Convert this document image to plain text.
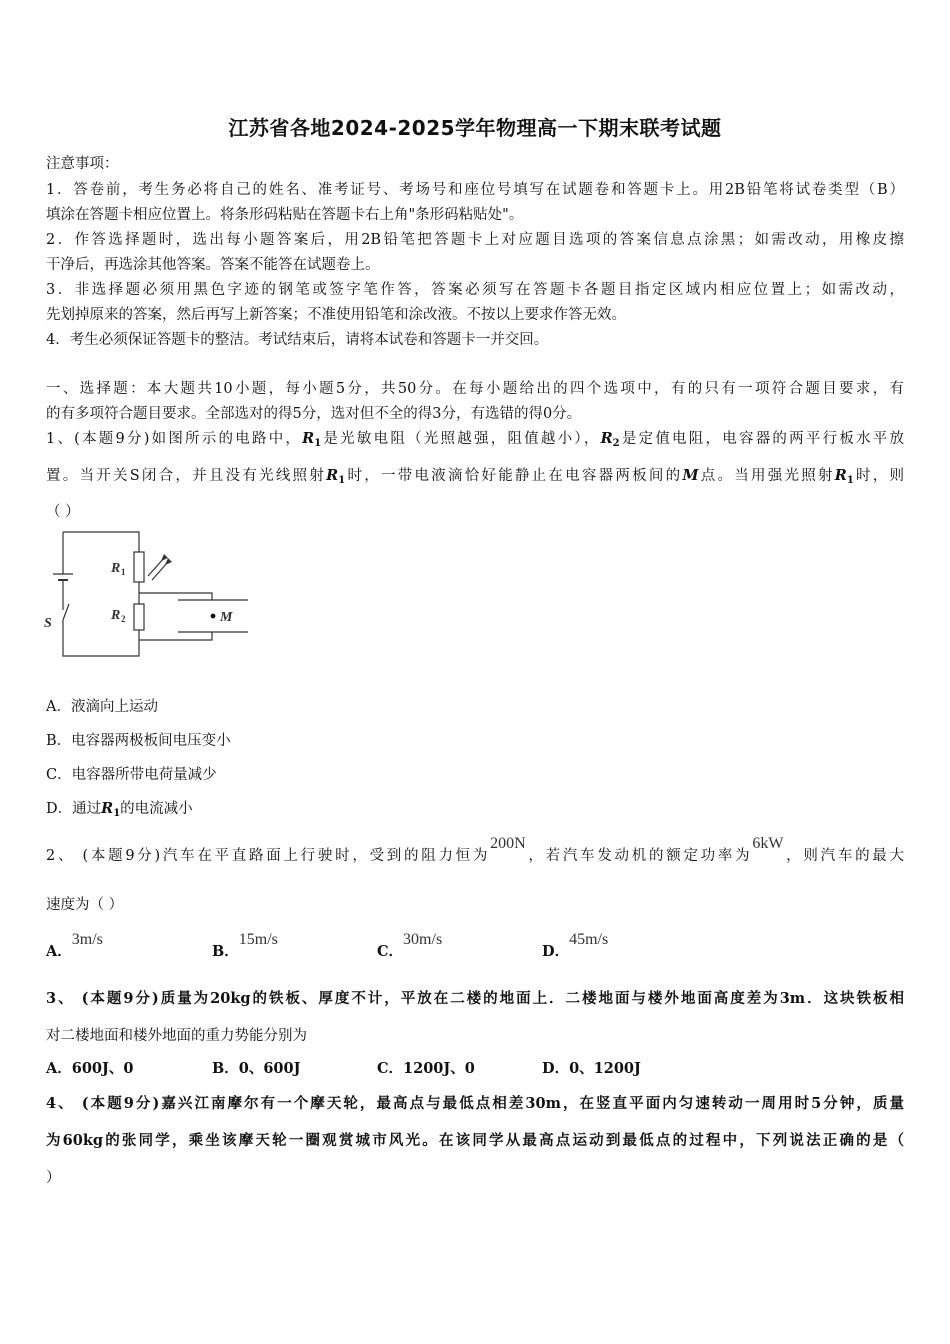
江苏省各地2024-2025学年物理高一下期末联考试题
注意事项：
1．答卷前，考生务必将自己的姓名、准考证号、考场号和座位号填写在试题卷和答题卡上。用2B铅笔将试卷类型（B）
填涂在答题卡相应位置上。将条形码粘贴在答题卡右上角"条形码粘贴处"。
2．作答选择题时，选出每小题答案后，用2B铅笔把答题卡上对应题目选项的答案信息点涂黑；如需改动，用橡皮擦
干净后，再选涂其他答案。答案不能答在试题卷上。
3．非选择题必须用黑色字迹的钢笔或签字笔作答，答案必须写在答题卡各题目指定区域内相应位置上；如需改动，
先划掉原来的答案，然后再写上新答案；不准使用铅笔和涂改液。不按以上要求作答无效。
4．考生必须保证答题卡的整洁。考试结束后，请将本试卷和答题卡一并交回。
一、选择题：本大题共10小题，每小题5分，共50分。在每小题给出的四个选项中，有的只有一项符合题目要求，有
的有多项符合题目要求。全部选对的得5分，选对但不全的得3分，有选错的得0分。
1、(本题9分)如图所示的电路中，$R_1$是光敏电阻（光照越强，阻值越小），$R_2$是定值电阻，电容器的两平行板水平放
置。当开关S闭合，并且没有光线照射$R_1$时，一带电液滴恰好能静止在电容器两板间的M点。当用强光照射$R_1$时，则
（ ）
R 1
R 2
S	M
A．液滴向上运动
B．电容器两极板间电压变小
C．电容器所带电荷量减少
D．通过$R_1$的电流减小
2、 (本题9分)汽车在平直路面上行驶时，受到的阻力恒为200N，若汽车发动机的额定功率为6kW，则汽车的最大
速度为（ ）
A．3m/s
B．15m/s
C．30m/s
D．45m/s
3、 (本题9分)质量为20kg的铁板、厚度不计，平放在二楼的地面上．二楼地面与楼外地面高度差为3m．这块铁板相
对二楼地面和楼外地面的重力势能分别为
A．600J、0	B．0、600J	C．1200J、0	D．0、1200J
4、 (本题9分)嘉兴江南摩尔有一个摩天轮，最高点与最低点相差30m，在竖直平面内匀速转动一周用时5分钟，质量
为60kg的张同学，乘坐该摩天轮一圈观赏城市风光。在该同学从最高点运动到最低点的过程中，下列说法正确的是（
）
